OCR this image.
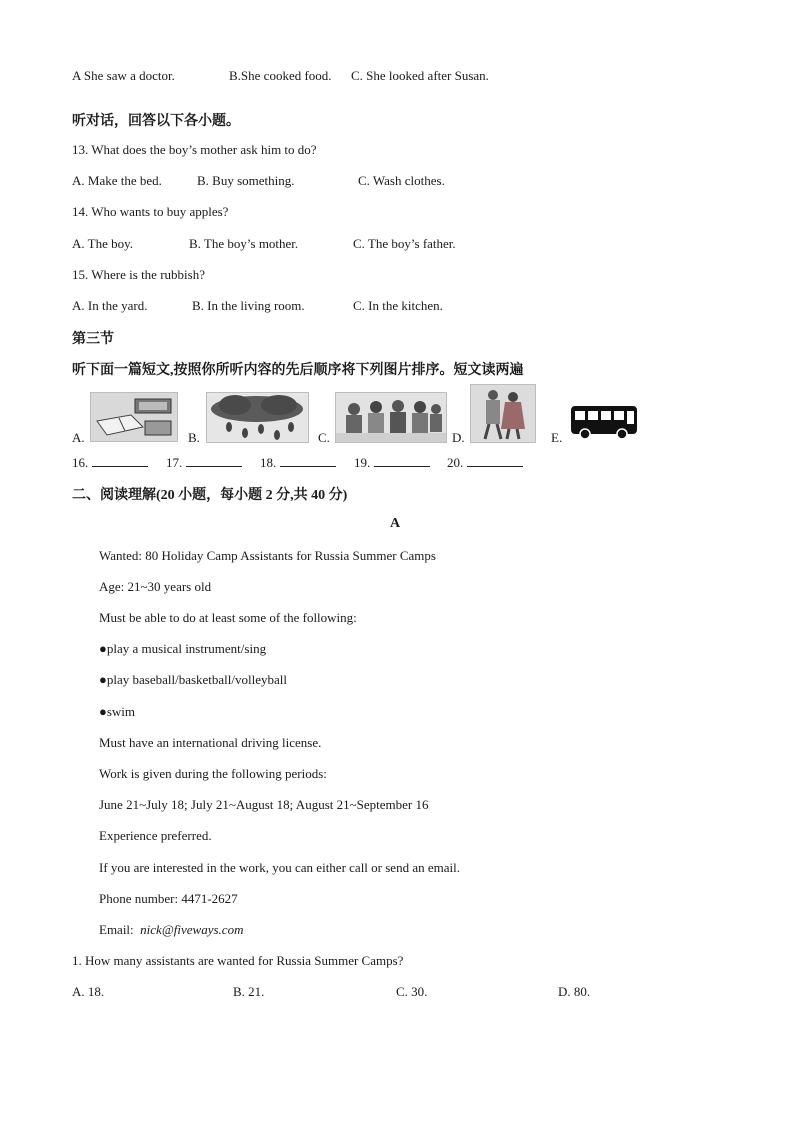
A She saw a doctor.	B.She cooked food. C. She looked after Susan.
听对话，回答以下各小题。
13. What does the boy’s mother ask him to do?
A. Make the bed.	B. Buy something.	C. Wash clothes.
14. Who wants to buy apples?
A. The boy.	B. The boy’s mother.	C. The boy’s father.
15. Where is the rubbish?
A. In the yard.	B. In the living room.	C. In the kitchen.
第三节
听下面一篇短文,按照你所听内容的先后顺序将下列图片排序。短文读两遍
A.	B.	C.	D.	E.
16.	17.	18.	19.	20.
二、阅读理解(20 小题，每小题 2 分,共 40 分)
A
Wanted: 80 Holiday Camp Assistants for Russia Summer Camps
Age: 21~30 years old
Must be able to do at least some of the following:
●play a musical instrument/sing
●play baseball/basketball/volleyball
●swim
Must have an international driving license.
Work is given during the following periods:
June 21~July 18; July 21~August 18; August 21~September 16
Experience preferred.
If you are interested in the work, you can either call or send an email.
Phone number: 4471-2627
Email: nick@fiveways.com
1. How many assistants are wanted for Russia Summer Camps?
A. 18.	B. 21.	C. 30.	D. 80.
